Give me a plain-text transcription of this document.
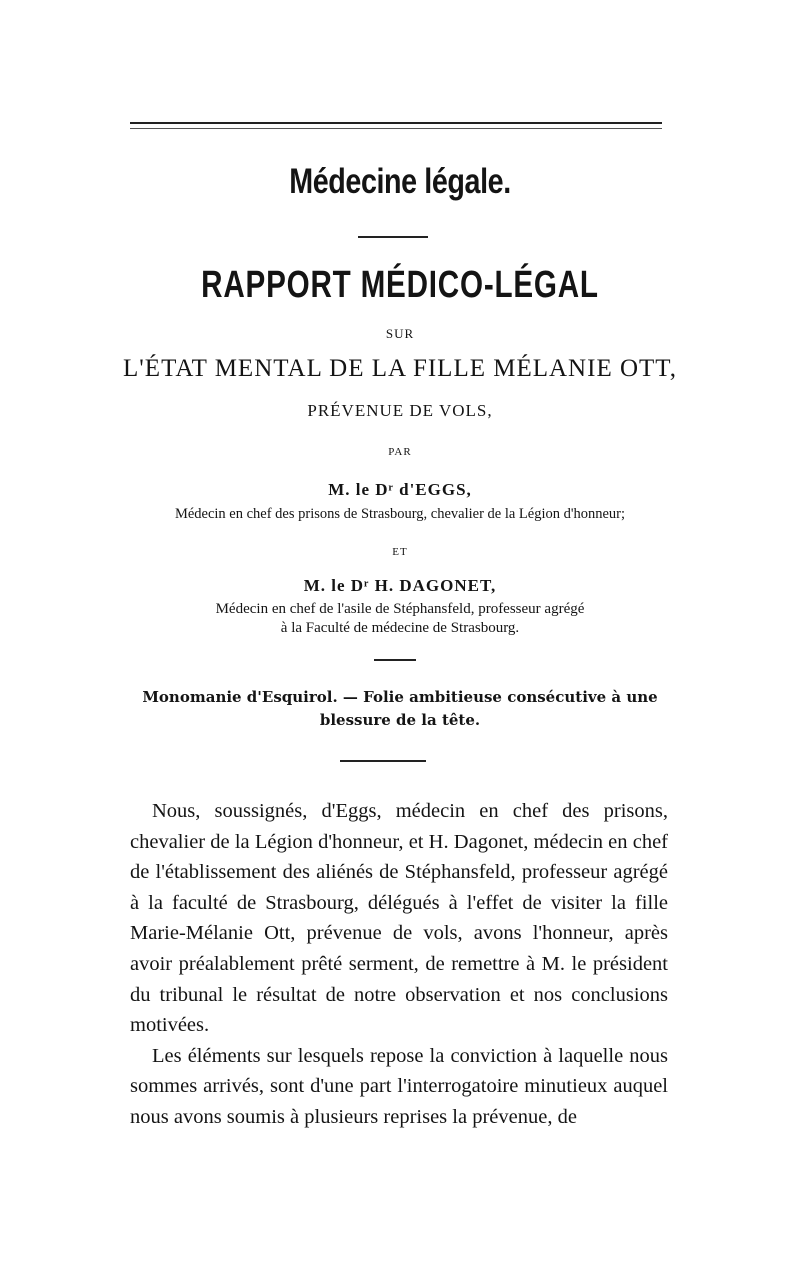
Médecine légale.
RAPPORT MÉDICO-LÉGAL
SUR
L'ÉTAT MENTAL DE LA FILLE MÉLANIE OTT,
PRÉVENUE DE VOLS,
PAR
M. le Dʳ d'EGGS,
Médecin en chef des prisons de Strasbourg, chevalier de la Légion d'honneur;
ET
M. le Dʳ H. DAGONET,
Médecin en chef de l'asile de Stéphansfeld, professeur agrégé
à la Faculté de médecine de Strasbourg.
Monomanie d'Esquirol. — Folie ambitieuse consécutive à une
blessure de la tête.

Nous, soussignés, d'Eggs, médecin en chef des prisons, chevalier de la Légion d'honneur, et H. Dagonet, médecin en chef de l'établissement des aliénés de Stéphansfeld, professeur agrégé à la faculté de Strasbourg, délégués à l'effet de visiter la fille Marie-Mélanie Ott, prévenue de vols, avons l'honneur, après avoir préalablement prêté serment, de remettre à M. le président du tribunal le résultat de notre observation et nos conclusions motivées.

Les éléments sur lesquels repose la conviction à laquelle nous sommes arrivés, sont d'une part l'interrogatoire minutieux auquel nous avons soumis à plusieurs reprises la prévenue, de
